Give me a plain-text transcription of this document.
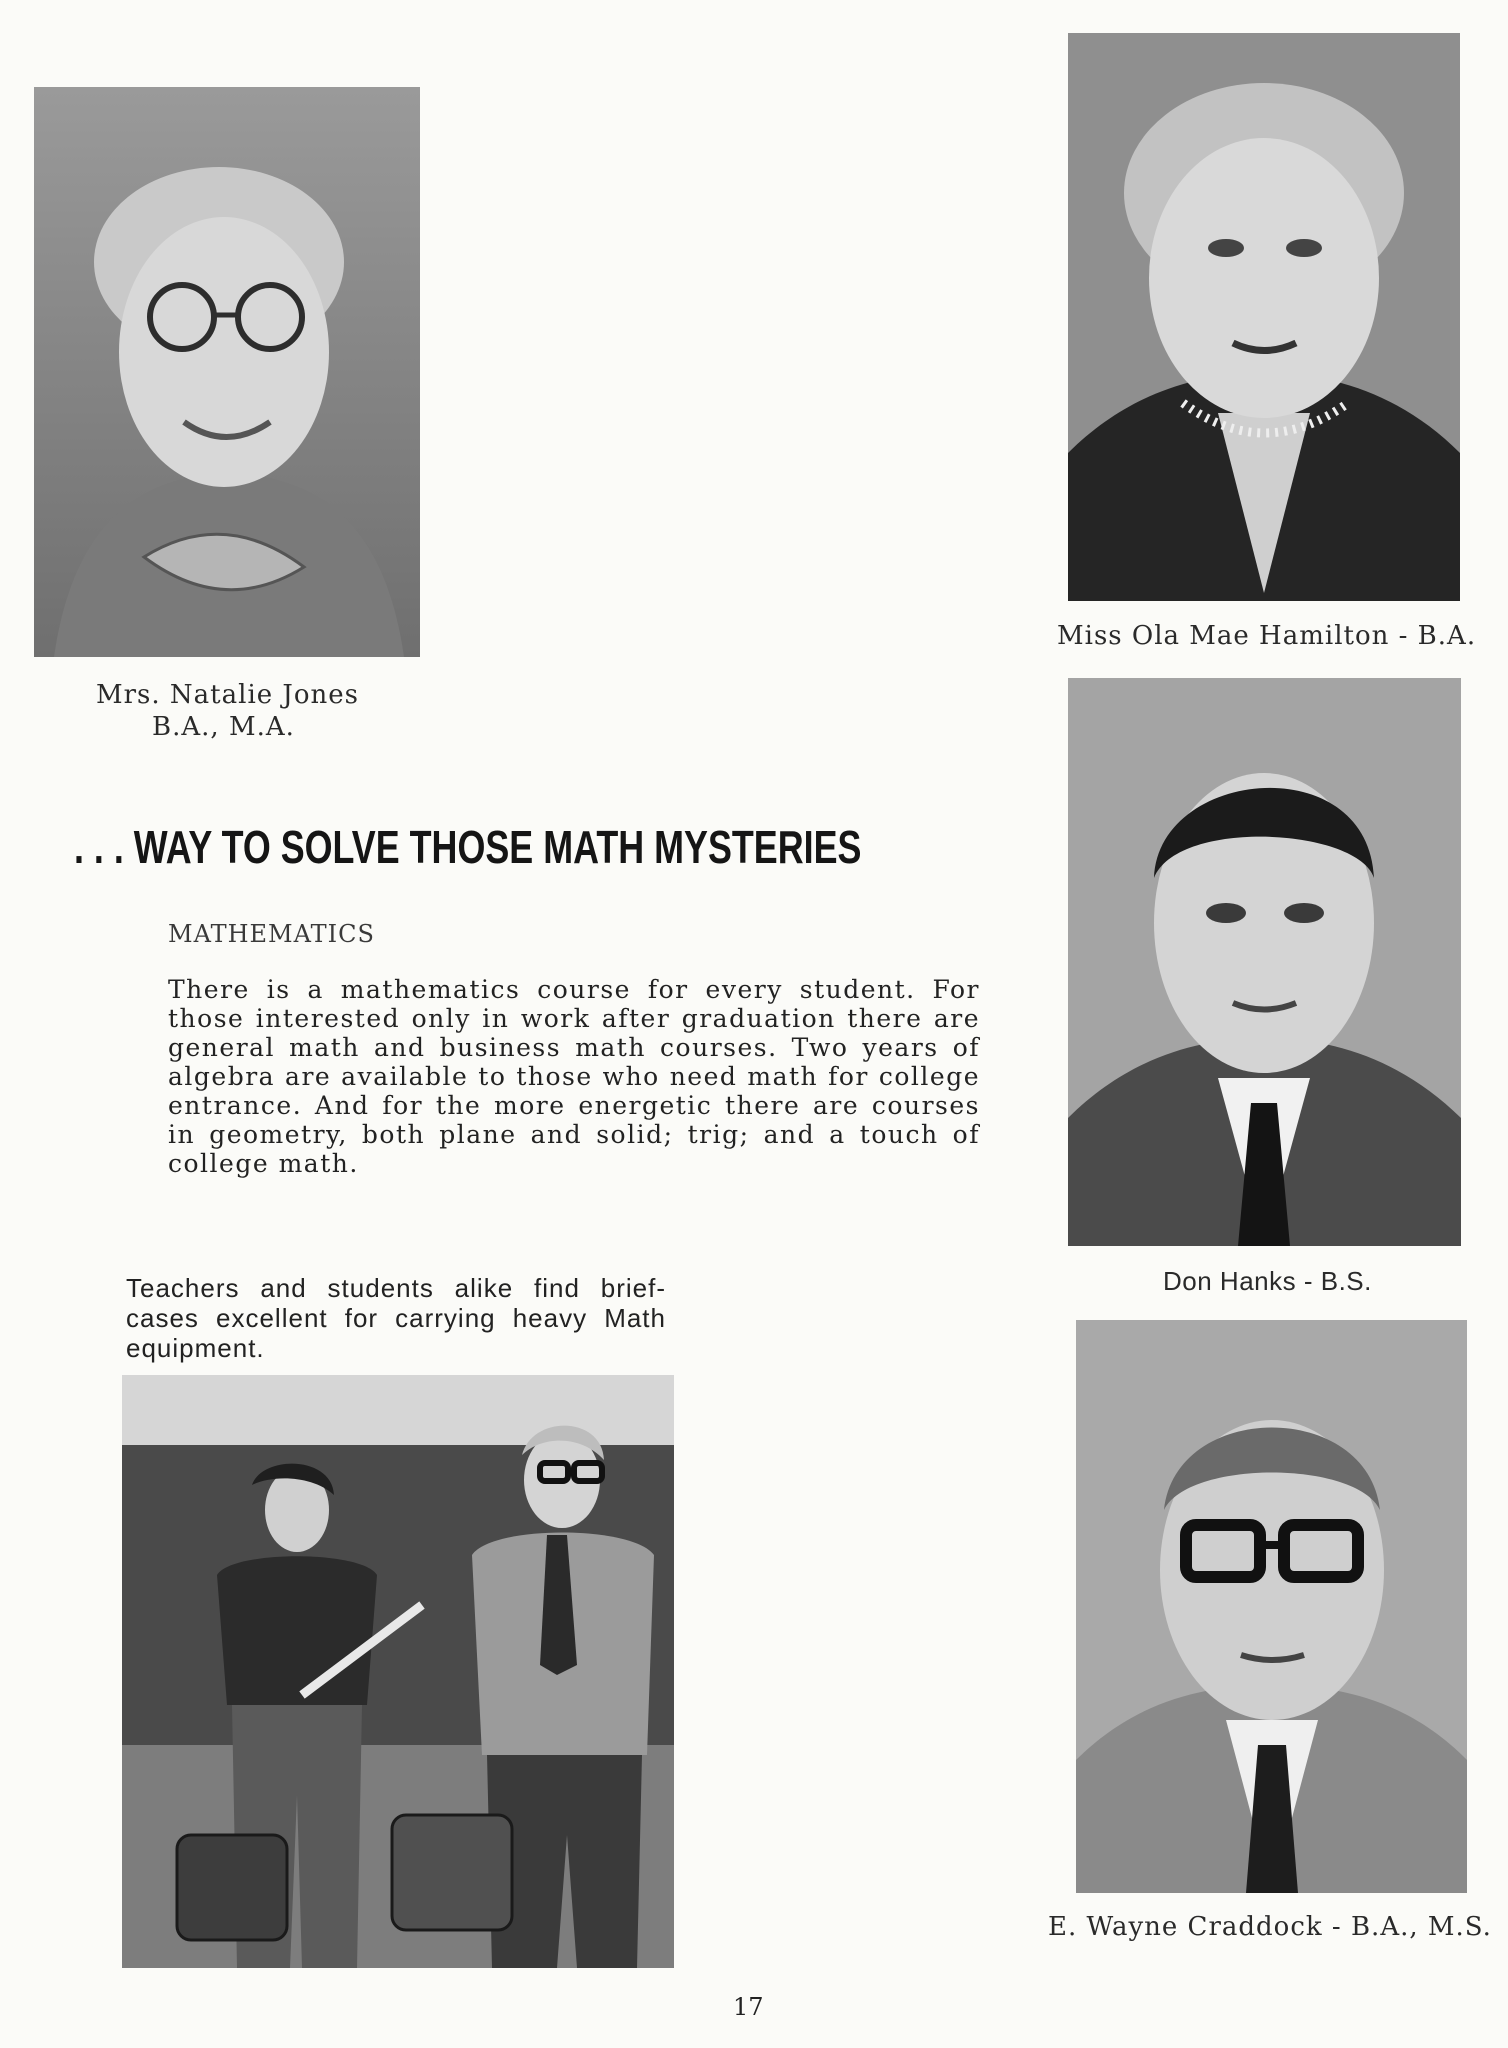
Mrs. Natalie Jones
B.A., M.A.
Miss Ola Mae Hamilton - B.A.
Don Hanks - B.S.
E. Wayne Craddock - B.A., M.S.
. . . WAY TO SOLVE THOSE MATH MYSTERIES
MATHEMATICS
There is a mathematics course for every student. For those interested only in work after graduation there are general math and business math courses. Two years of algebra are available to those who need math for college entrance. And for the more energetic there are courses in geometry, both plane and solid; trig; and a touch of college math.
Teachers and students alike find brief-cases excellent for carrying heavy Math equipment.
17
